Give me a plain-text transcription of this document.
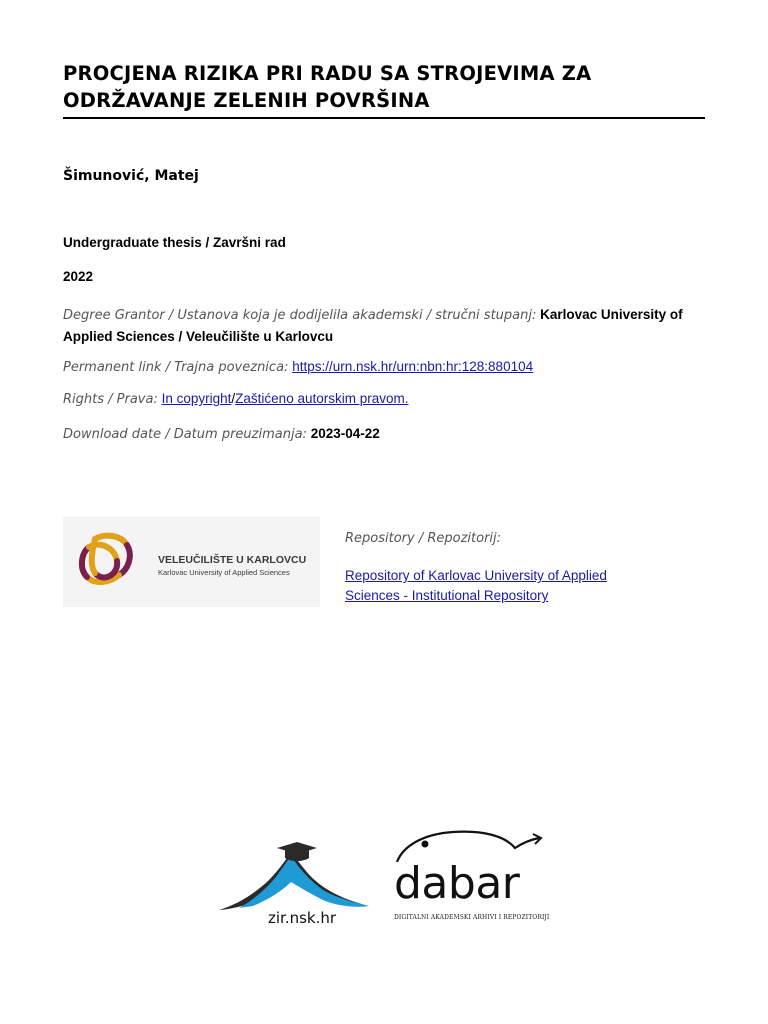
PROCJENA RIZIKA PRI RADU SA STROJEVIMA ZA ODRŽAVANJE ZELENIH POVRŠINA
Šimunović, Matej
Undergraduate thesis / Završni rad
2022
Degree Grantor / Ustanova koja je dodijelila akademski / stručni stupanj: Karlovac University of Applied Sciences / Veleučilište u Karlovcu
Permanent link / Trajna poveznica: https://urn.nsk.hr/urn:nbn:hr:128:880104
Rights / Prava: In copyright/Zaštićeno autorskim pravom.
Download date / Datum preuzimanja: 2023-04-22
VELEUČILIŠTE U KARLOVCU
Karlovac University of Applied Sciences
Repository / Repozitorij:
Repository of Karlovac University of Applied Sciences - Institutional Repository
zir.nsk.hr
dabar
DIGITALNI AKADEMSKI ARHIVI I REPOZITORIJI
